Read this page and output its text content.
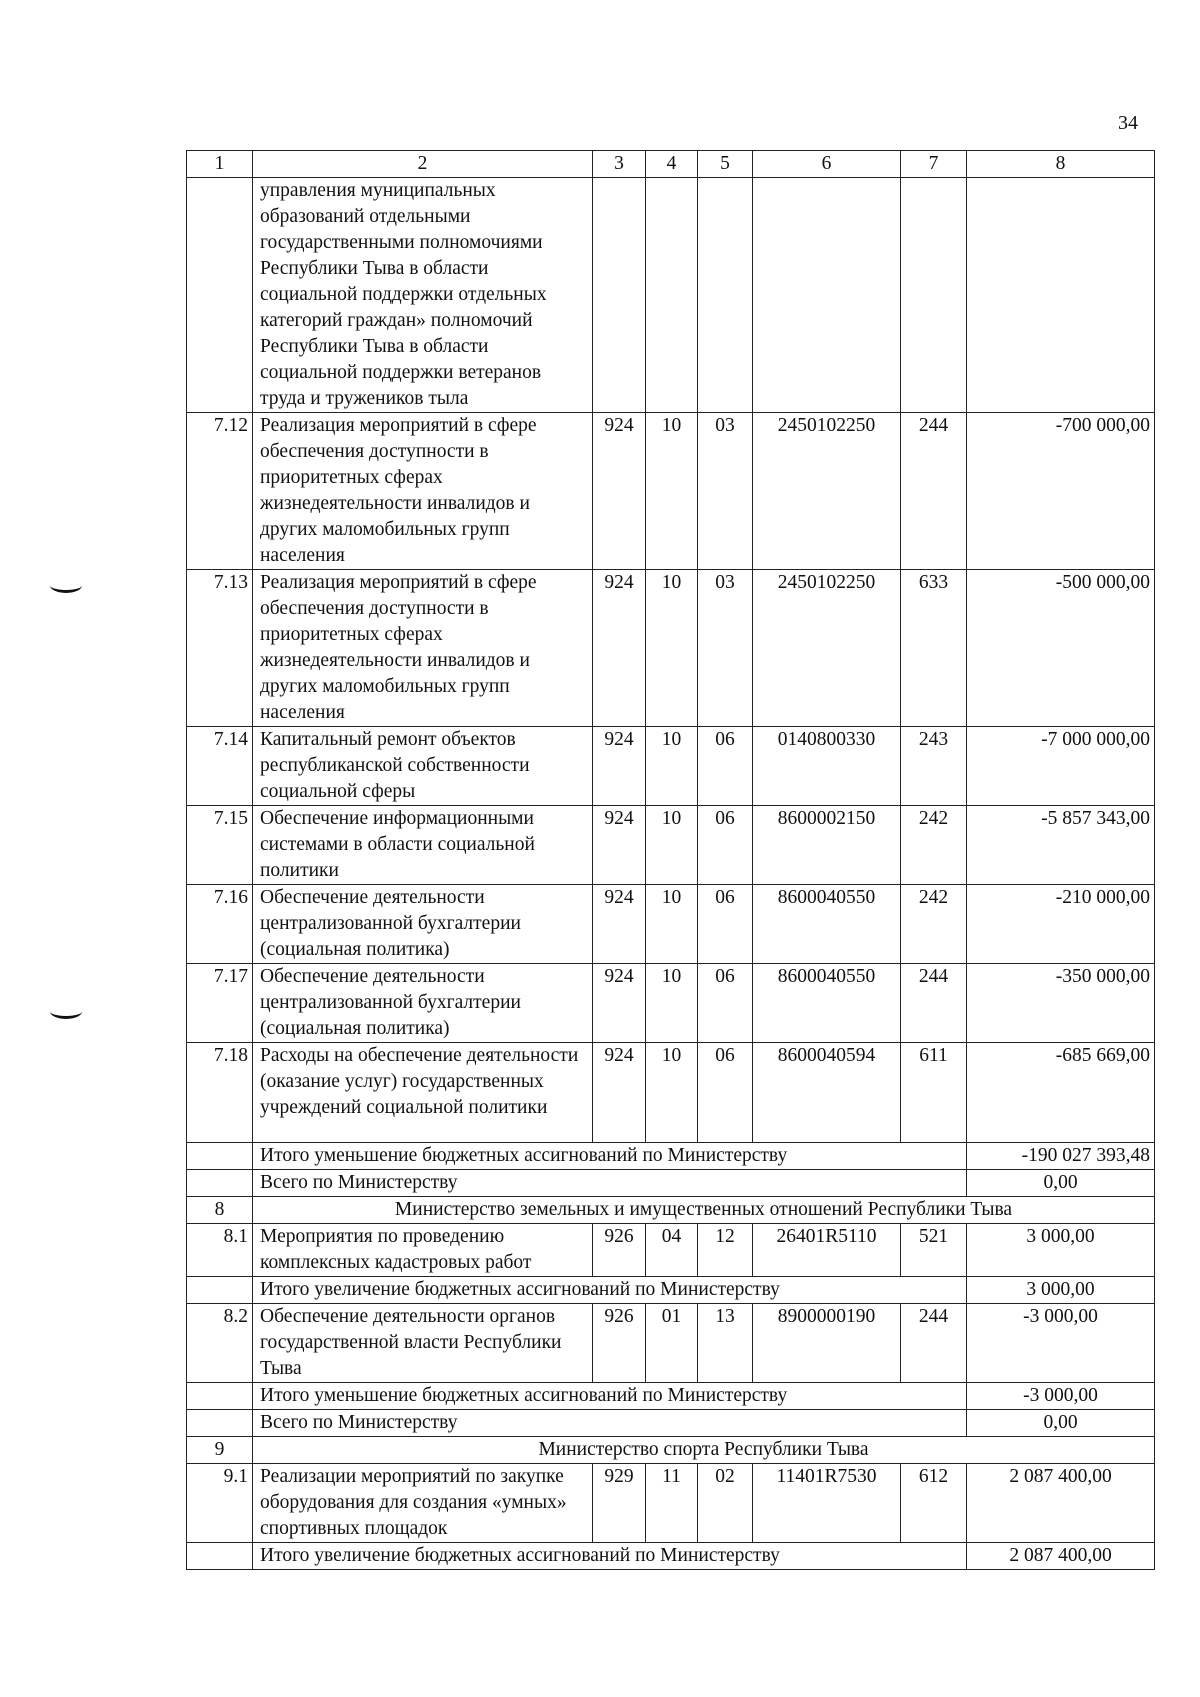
34
1	2	3	4	5	6	7	8
	управления муниципальных образований отдельными государственными полномочиями Республики Тыва в области социальной поддержки отдельных категорий граждан» полномочий Республики Тыва в области социальной поддержки ветеранов труда и тружеников тыла						
7.12	Реализация мероприятий в сфере обеспечения доступности в приоритетных сферах жизнедеятельности инвалидов и других маломобильных групп населения	924	10	03	2450102250	244	-700 000,00
7.13	Реализация мероприятий в сфере обеспечения доступности в приоритетных сферах жизнедеятельности инвалидов и других маломобильных групп населения	924	10	03	2450102250	633	-500 000,00
7.14	Капитальный ремонт объектов республиканской собственности социальной сферы	924	10	06	0140800330	243	-7 000 000,00
7.15	Обеспечение информационными системами в области социальной политики	924	10	06	8600002150	242	-5 857 343,00
7.16	Обеспечение деятельности централизованной бухгалтерии (социальная политика)	924	10	06	8600040550	242	-210 000,00
7.17	Обеспечение деятельности централизованной бухгалтерии (социальная политика)	924	10	06	8600040550	244	-350 000,00
7.18	Расходы на обеспечение деятельности (оказание услуг) государственных учреждений социальной политики	924	10	06	8600040594	611	-685 669,00
	Итого уменьшение бюджетных ассигнований по Министерству						-190 027 393,48
	Всего по Министерству						0,00
8	Министерство земельных и имущественных отношений Республики Тыва						
8.1	Мероприятия по проведению комплексных кадастровых работ	926	04	12	26401R5110	521	3 000,00
	Итого увеличение бюджетных ассигнований по Министерству						3 000,00
8.2	Обеспечение деятельности органов государственной власти Республики Тыва	926	01	13	8900000190	244	-3 000,00
	Итого уменьшение бюджетных ассигнований по Министерству						-3 000,00
	Всего по Министерству						0,00
9	Министерство спорта Республики Тыва						
9.1	Реализации мероприятий по закупке оборудования для создания «умных» спортивных площадок	929	11	02	11401R7530	612	2 087 400,00
	Итого увеличение бюджетных ассигнований по Министерству						2 087 400,00
